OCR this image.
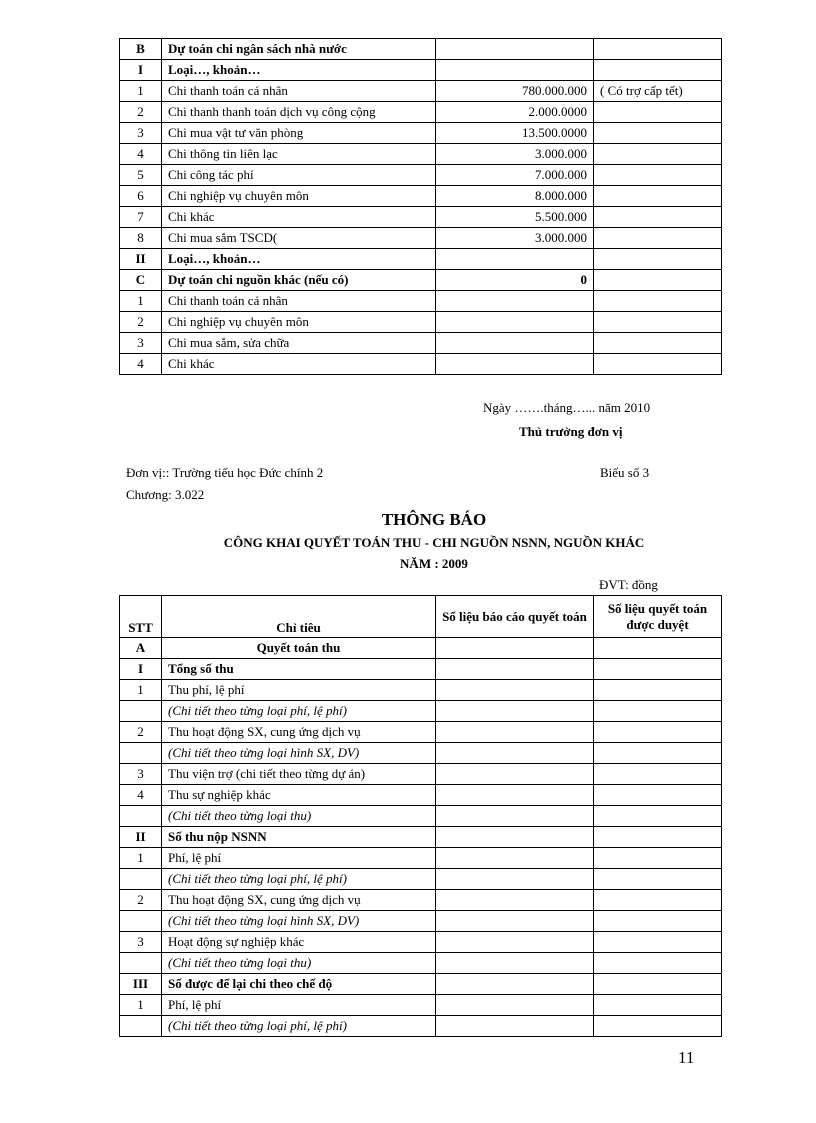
B	Dự toán chi ngân sách nhà nước		
I	Loại…, khoản…		
1	Chi thanh toán cá nhân	780.000.000	( Có trợ cấp tết)
2	Chi thanh thanh toán dịch vụ công cộng	2.000.0000	
3	Chi mua vật tư văn phòng	13.500.0000	
4	Chi thông tin liên lạc	3.000.000	
5	Chi công tác phí	7.000.000	
6	Chi nghiệp vụ chuyên môn	8.000.000	
7	Chi khác	5.500.000	
8	Chi mua sắm TSCD(	3.000.000	
II	Loại…, khoản…		
C	Dự toán chi nguồn khác (nếu có)	0	
1	Chi thanh toán cá nhân		
2	Chi nghiệp vụ chuyên môn		
3	Chi mua sắm, sửa chữa		
4	Chi khác		
Ngày …….tháng…... năm 2010
Thủ trưởng đơn vị
Đơn vị:: Trường tiểu học Đức chính 2	Biểu số 3
Chương: 3.022
THÔNG BÁO
CÔNG KHAI QUYẾT TOÁN THU - CHI NGUỒN NSNN, NGUỒN KHÁC
NĂM : 2009
ĐVT: đồng
STT	Chỉ tiêu	Số liệu báo cáo quyết toán	Số liệu quyết toán được duyệt
A	Quyết toán thu		
I	Tổng số thu		
1	Thu phí, lệ phí		
	(Chi tiết theo từng loại phí, lệ phí)		
2	Thu hoạt động SX, cung ứng dịch vụ		
	(Chi tiết theo từng loại hình SX, DV)		
3	Thu viện trợ (chi tiết theo từng dự án)		
4	Thu sự nghiệp khác		
	(Chi tiết theo từng loại thu)		
II	Số thu nộp NSNN		
1	Phí, lệ phí		
	(Chi tiết theo từng loại phí, lệ phí)		
2	Thu hoạt động SX, cung ứng dịch vụ		
	(Chi tiết theo từng loại hình SX, DV)		
3	Hoạt động sự nghiệp khác		
	(Chi tiết theo từng loại thu)		
III	Số được để lại chi theo chế độ		
1	Phí, lệ phí		
	(Chi tiết theo từng loại phí, lệ phí)		
11
